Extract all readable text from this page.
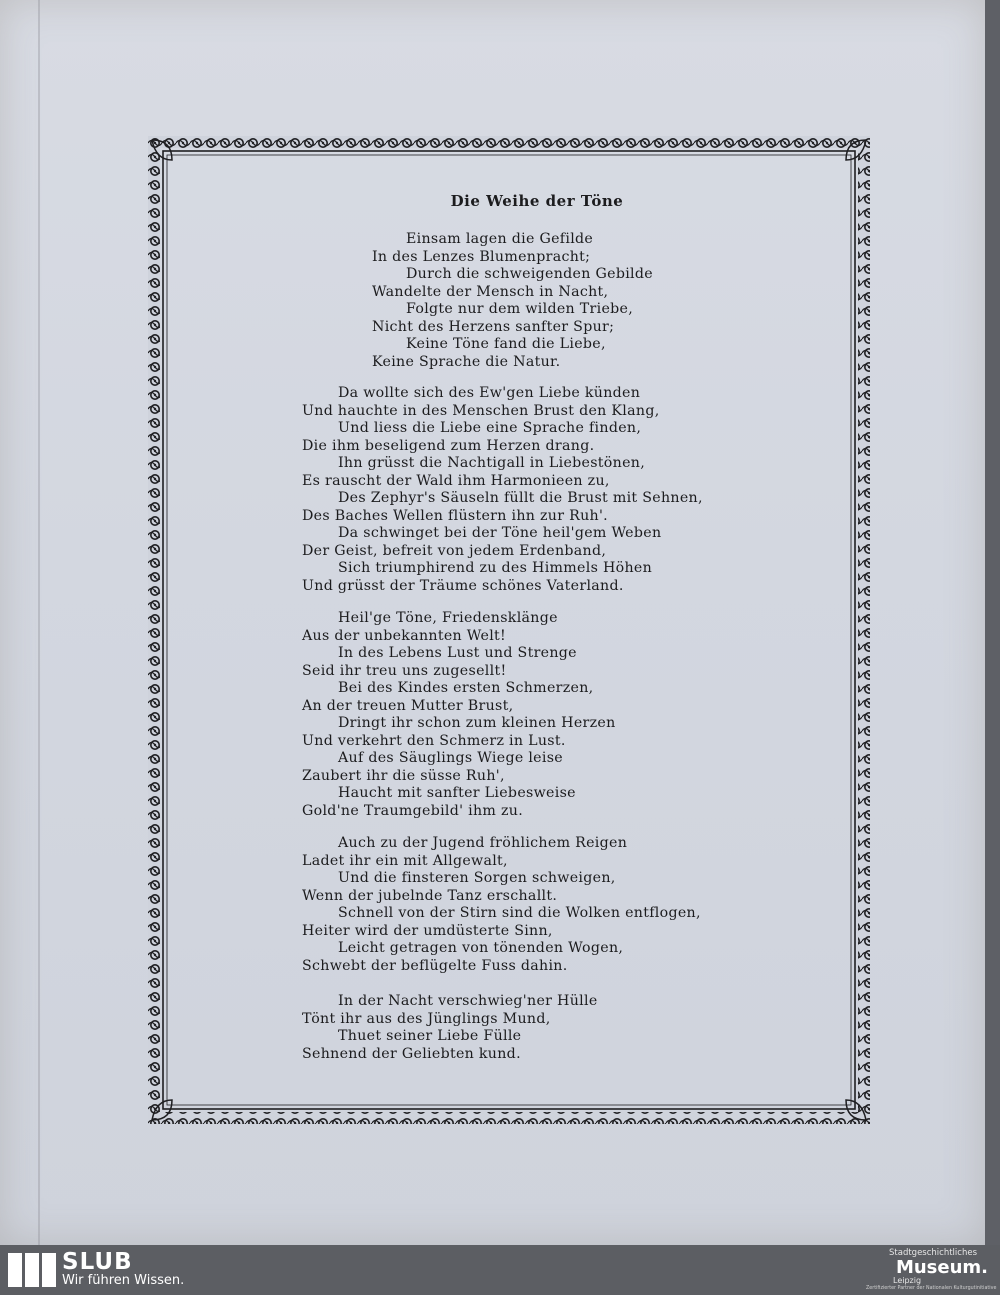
Die Weihe der Töne
Einsam lagen die Gefilde
In des Lenzes Blumenpracht;
Durch die schweigenden Gebilde
Wandelte der Mensch in Nacht,
Folgte nur dem wilden Triebe,
Nicht des Herzens sanfter Spur;
Keine Töne fand die Liebe,
Keine Sprache die Natur.
Da wollte sich des Ew'gen Liebe künden
Und hauchte in des Menschen Brust den Klang,
Und liess die Liebe eine Sprache finden,
Die ihm beseligend zum Herzen drang.
Ihn grüsst die Nachtigall in Liebestönen,
Es rauscht der Wald ihm Harmonieen zu,
Des Zephyr's Säuseln füllt die Brust mit Sehnen,
Des Baches Wellen flüstern ihn zur Ruh'.
Da schwinget bei der Töne heil'gem Weben
Der Geist, befreit von jedem Erdenband,
Sich triumphirend zu des Himmels Höhen
Und grüsst der Träume schönes Vaterland.
Heil'ge Töne, Friedensklänge
Aus der unbekannten Welt!
In des Lebens Lust und Strenge
Seid ihr treu uns zugesellt!
Bei des Kindes ersten Schmerzen,
An der treuen Mutter Brust,
Dringt ihr schon zum kleinen Herzen
Und verkehrt den Schmerz in Lust.
Auf des Säuglings Wiege leise
Zaubert ihr die süsse Ruh',
Haucht mit sanfter Liebesweise
Gold'ne Traumgebild' ihm zu.
Auch zu der Jugend fröhlichem Reigen
Ladet ihr ein mit Allgewalt,
Und die finsteren Sorgen schweigen,
Wenn der jubelnde Tanz erschallt.
Schnell von der Stirn sind die Wolken entflogen,
Heiter wird der umdüsterte Sinn,
Leicht getragen von tönenden Wogen,
Schwebt der beflügelte Fuss dahin.
In der Nacht verschwieg'ner Hülle
Tönt ihr aus des Jünglings Mund,
Thuet seiner Liebe Fülle
Sehnend der Geliebten kund.
SLUB
Wir führen Wissen.
Stadtgeschichtliches
Museum.
Leipzig
Zertifizierter Partner der Nationalen Kulturgutinitiative
